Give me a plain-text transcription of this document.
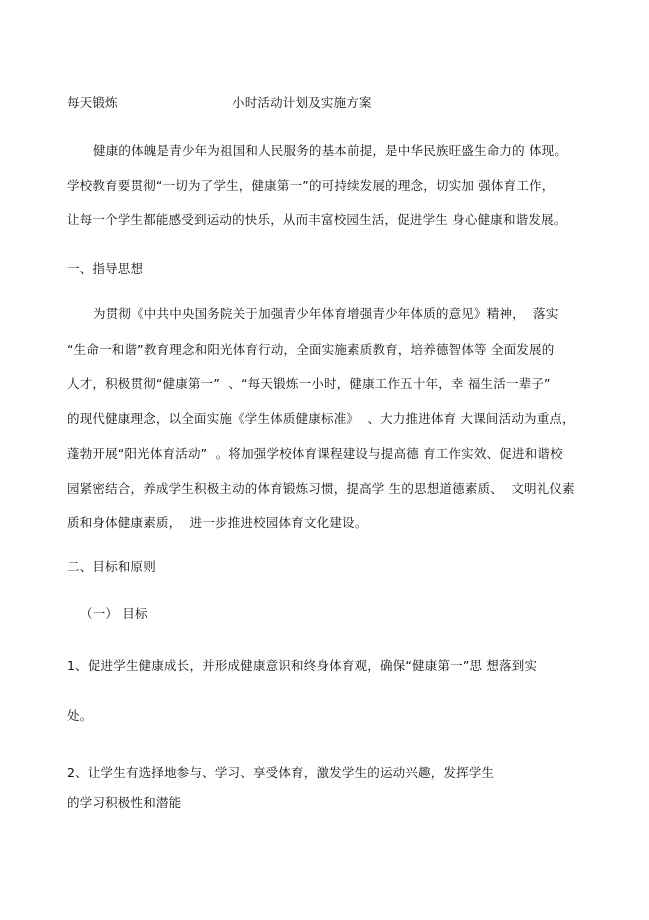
每天锻炼	小时活动计划及实施方案
健康的体魄是青少年为祖国和人民服务的基本前提，是中华民族旺盛生命力的 体现。
学校教育要贯彻“一切为了学生，健康第一”的可持续发展的理念，切实加 强体育工作，
让每一个学生都能感受到运动的快乐，从而丰富校园生活，促进学生 身心健康和谐发展。
一、指导思想
为贯彻《中共中央国务院关于加强青少年体育增强青少年体质的意见》精神，  落实
“生命一和谐”教育理念和阳光体育行动，全面实施素质教育，培养德智体等 全面发展的
人才，积极贯彻“健康第一”  、“每天锻炼一小时，健康工作五十年，幸 福生活一辈子”
的现代健康理念，以全面实施《学生体质健康标准》  、大力推进体育 大课间活动为重点，
蓬勃开展“阳光体育活动”  。将加强学校体育课程建设与提高德 育工作实效、促进和谐校
园紧密结合，养成学生积极主动的体育锻炼习惯，提高学 生的思想道德素质、  文明礼仪素
质和身体健康素质，  进一步推进校园体育文化建设。
二、目标和原则
（一） 目标
1、促进学生健康成长，并形成健康意识和终身体育观，确保“健康第一”思 想落到实
处。
2、让学生有选择地参与、学习、享受体育，激发学生的运动兴趣，发挥学生
的学习积极性和潜能
